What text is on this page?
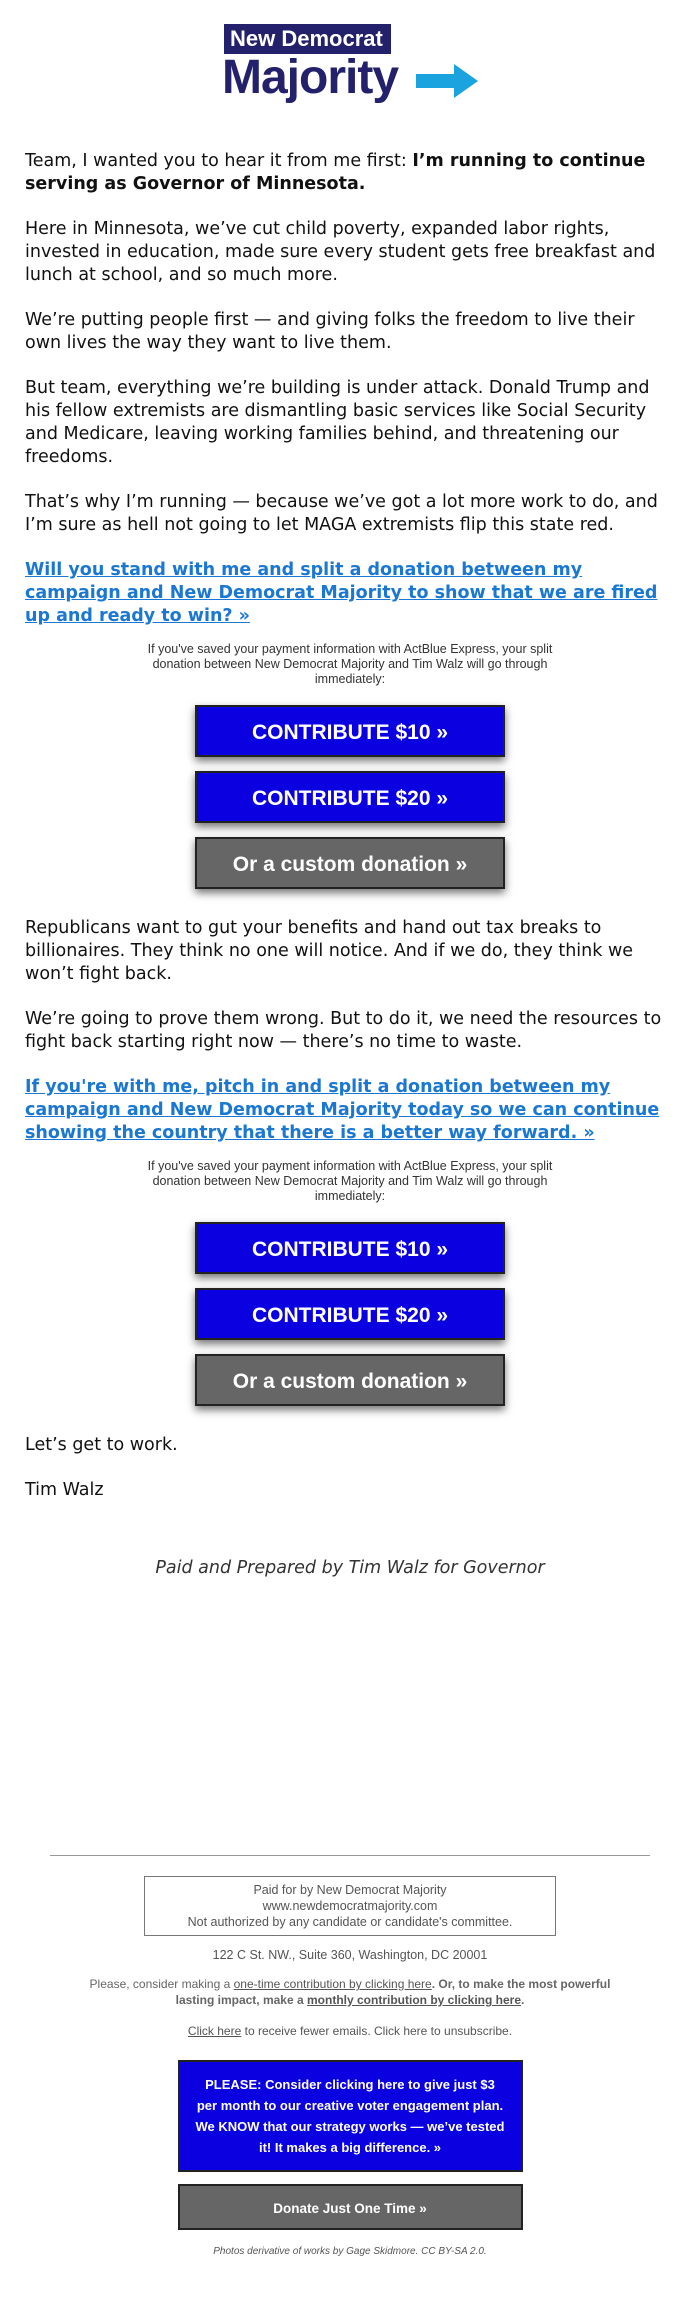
New Democrat
Majority

Team, I wanted you to hear it from me first: I’m running to continue serving as Governor of Minnesota.

Here in Minnesota, we’ve cut child poverty, expanded labor rights, invested in education, made sure every student gets free breakfast and lunch at school, and so much more.

We’re putting people first — and giving folks the freedom to live their own lives the way they want to live them.

But team, everything we’re building is under attack. Donald Trump and his fellow extremists are dismantling basic services like Social Security and Medicare, leaving working families behind, and threatening our freedoms.

That’s why I’m running — because we’ve got a lot more work to do, and I’m sure as hell not going to let MAGA extremists flip this state red.

Will you stand with me and split a donation between my campaign and New Democrat Majority to show that we are fired up and ready to win? »

If you've saved your payment information with ActBlue Express, your split donation between New Democrat Majority and Tim Walz will go through immediately:
CONTRIBUTE $10 »
CONTRIBUTE $20 »
Or a custom donation »

Republicans want to gut your benefits and hand out tax breaks to billionaires. They think no one will notice. And if we do, they think we won’t fight back.

We’re going to prove them wrong. But to do it, we need the resources to fight back starting right now — there’s no time to waste.

If you're with me, pitch in and split a donation between my campaign and New Democrat Majority today so we can continue showing the country that there is a better way forward. »

If you've saved your payment information with ActBlue Express, your split donation between New Democrat Majority and Tim Walz will go through immediately:
CONTRIBUTE $10 »
CONTRIBUTE $20 »
Or a custom donation »

Let’s get to work.

Tim Walz

Paid and Prepared by Tim Walz for Governor
Paid for by New Democrat Majority
www.newdemocratmajority.com
Not authorized by any candidate or candidate's committee.
122 C St. NW., Suite 360, Washington, DC 20001
Please, consider making a one-time contribution by clicking here. Or, to make the most powerful lasting impact, make a monthly contribution by clicking here.
Click here to receive fewer emails. Click here to unsubscribe.
PLEASE: Consider clicking here to give just $3 per month to our creative voter engagement plan. We KNOW that our strategy works — we’ve tested it! It makes a big difference. »
Donate Just One Time »
Photos derivative of works by Gage Skidmore. CC BY-SA 2.0.
